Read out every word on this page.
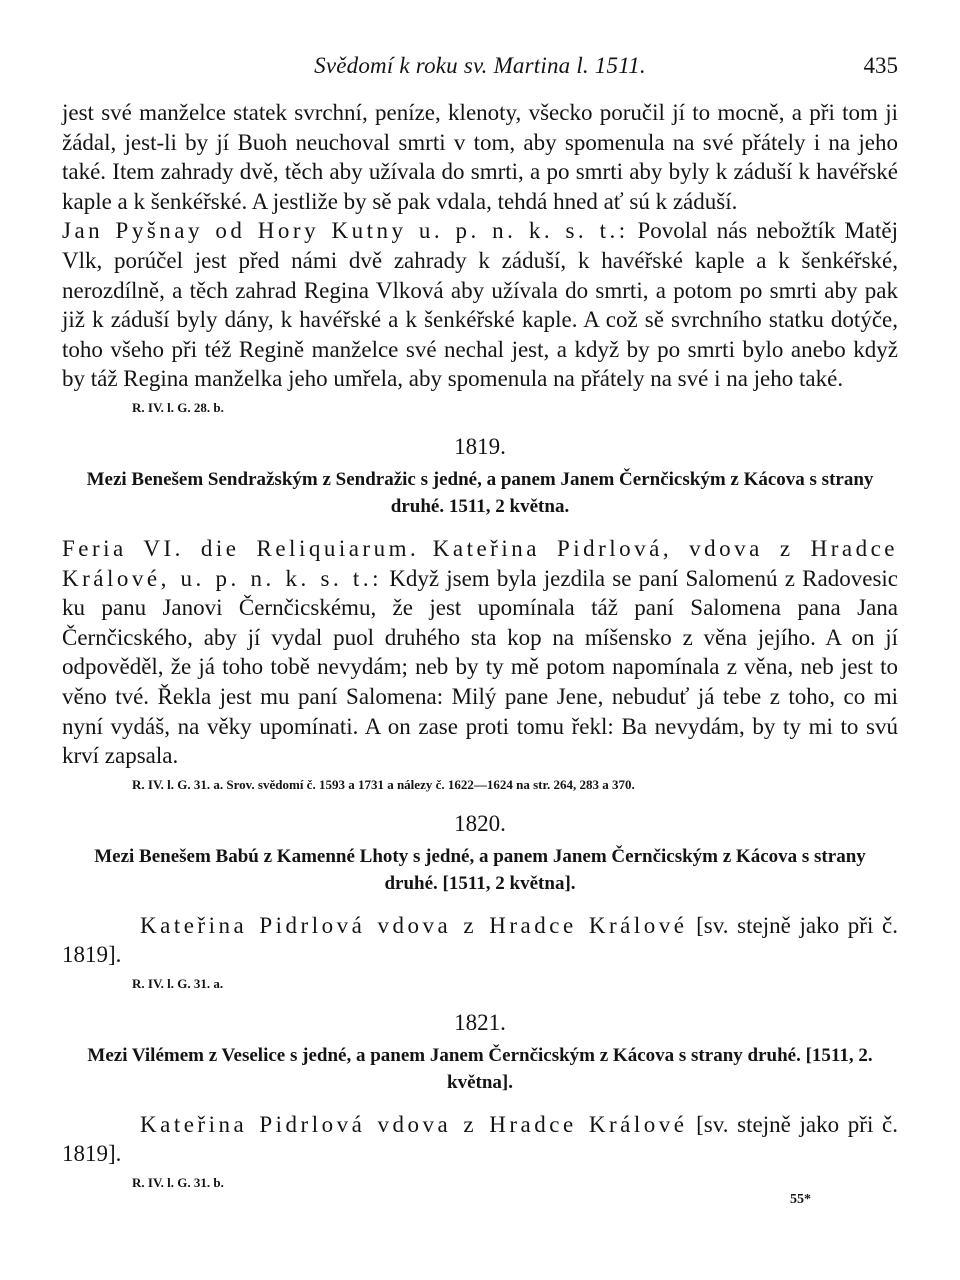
Svědomí k roku sv. Martina l. 1511.	435

jest své manželce statek svrchní, peníze, klenoty, všecko poručil jí to mocně, a při tom ji žádal, jest-li by jí Buoh neuchoval smrti v tom, aby spomenula na své přátely i na jeho také. Item zahrady dvě, těch aby užívala do smrti, a po smrti aby byly k záduší k havéřské kaple a k šenkéřské. A jestliže by sě pak vdala, tehdá hned ať sú k záduší.

Jan Pyšnay od Hory Kutny u. p. n. k. s. t.: Povolal nás nebožtík Matěj Vlk, porúčel jest před námi dvě zahrady k záduší, k havéřské kaple a k šenkéřské, nerozdílně, a těch zahrad Regina Vlková aby užívala do smrti, a potom po smrti aby pak již k záduší byly dány, k havéřské a k šenkéřské kaple. A což sě svrchního statku dotýče, toho všeho při též Regině manželce své nechal jest, a když by po smrti bylo anebo když by táž Regina manželka jeho umřela, aby spomenula na přátely na své i na jeho také.

R. IV. l. G. 28. b.
1819.
Mezi Benešem Sendražským z Sendražic s jedné, a panem Janem Černčicským z Kácova s strany druhé. 1511, 2 května.

Feria VI. die Reliquiarum. Kateřina Pidrlová, vdova z Hradce Králové, u. p. n. k. s. t.: Když jsem byla jezdila se paní Salomenú z Radovesic ku panu Janovi Černčicskému, že jest upomínala táž paní Salomena pana Jana Černčicského, aby jí vydal puol druhého sta kop na míšensko z věna jejího. A on jí odpověděl, že já toho tobě nevydám; neb by ty mě potom napomínala z věna, neb jest to věno tvé. Řekla jest mu paní Salomena: Milý pane Jene, nebuduť já tebe z toho, co mi nyní vydáš, na věky upomínati. A on zase proti tomu řekl: Ba nevydám, by ty mi to svú krví zapsala.

R. IV. l. G. 31. a. Srov. svědomí č. 1593 a 1731 a nálezy č. 1622—1624 na str. 264, 283 a 370.
1820.
Mezi Benešem Babú z Kamenné Lhoty s jedné, a panem Janem Černčicským z Kácova s strany druhé. [1511, 2 května].

Kateřina Pidrlová vdova z Hradce Králové [sv. stejně jako při č. 1819].

R. IV. l. G. 31. a.
1821.
Mezi Vilémem z Veselice s jedné, a panem Janem Černčicským z Kácova s strany druhé. [1511, 2. května].

Kateřina Pidrlová vdova z Hradce Králové [sv. stejně jako při č. 1819].

R. IV. l. G. 31. b.
55*
